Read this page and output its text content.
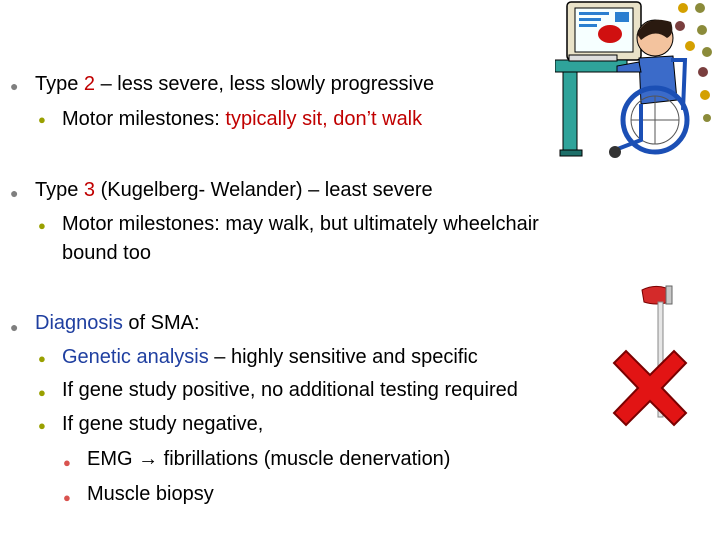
● Type 2 – less severe, less slowly progressive
● Motor milestones: typically sit, don’t walk
● Type 3 (Kugelberg- Welander) – least severe
● Motor milestones: may walk, but ultimately wheelchair
bound too
● Diagnosis of SMA:
● Genetic analysis – highly sensitive and specific
● If gene study positive, no additional testing required
● If gene study negative,
● EMG → fibrillations (muscle denervation)
● Muscle biopsy
